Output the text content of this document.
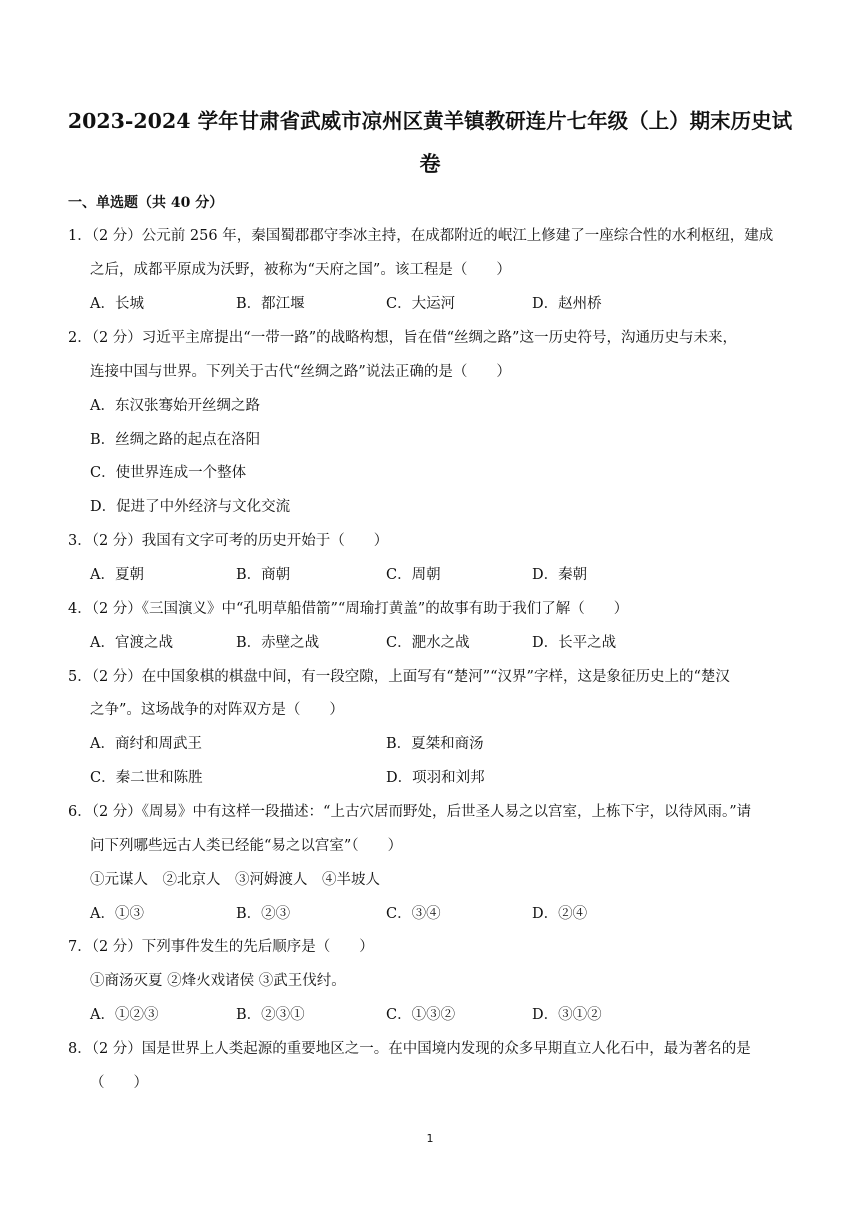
2023-2024 学年甘肃省武威市凉州区黄羊镇教研连片七年级（上）期末历史试
卷
一、单选题（共 40 分）
1．（2 分）公元前 256 年，秦国蜀郡郡守李冰主持，在成都附近的岷江上修建了一座综合性的水利枢纽，建成
之后，成都平原成为沃野，被称为“天府之国”。该工程是（　　）
A．长城	B．都江堰	C．大运河	D．赵州桥
2．（2 分）习近平主席提出“一带一路”的战略构想，旨在借“丝绸之路”这一历史符号，沟通历史与未来，
连接中国与世界。下列关于古代“丝绸之路”说法正确的是（　　）
A．东汉张骞始开丝绸之路
B．丝绸之路的起点在洛阳
C．使世界连成一个整体
D．促进了中外经济与文化交流
3．（2 分）我国有文字可考的历史开始于（　　）
A．夏朝	B．商朝	C．周朝	D．秦朝
4．（2 分）《三国演义》中“孔明草船借箭”“周瑜打黄盖”的故事有助于我们了解（　　）
A．官渡之战	B．赤壁之战	C．淝水之战	D．长平之战
5．（2 分）在中国象棋的棋盘中间，有一段空隙，上面写有“楚河”“汉界”字样，这是象征历史上的“楚汉
之争”。这场战争的对阵双方是（　　）
A．商纣和周武王	B．夏桀和商汤
C．秦二世和陈胜	D．项羽和刘邦
6．（2 分）《周易》中有这样一段描述：“上古穴居而野处，后世圣人易之以宫室，上栋下宇，以待风雨。”请
问下列哪些远古人类已经能“易之以宫室”（　　）
①元谋人　②北京人　③河姆渡人　④半坡人
A．①③	B．②③	C．③④	D．②④
7．（2 分）下列事件发生的先后顺序是（　　）
①商汤灭夏 ②烽火戏诸侯 ③武王伐纣。
A．①②③	B．②③①	C．①③②	D．③①②
8．（2 分）国是世界上人类起源的重要地区之一。在中国境内发现的众多早期直立人化石中，最为著名的是
（　　）
1
